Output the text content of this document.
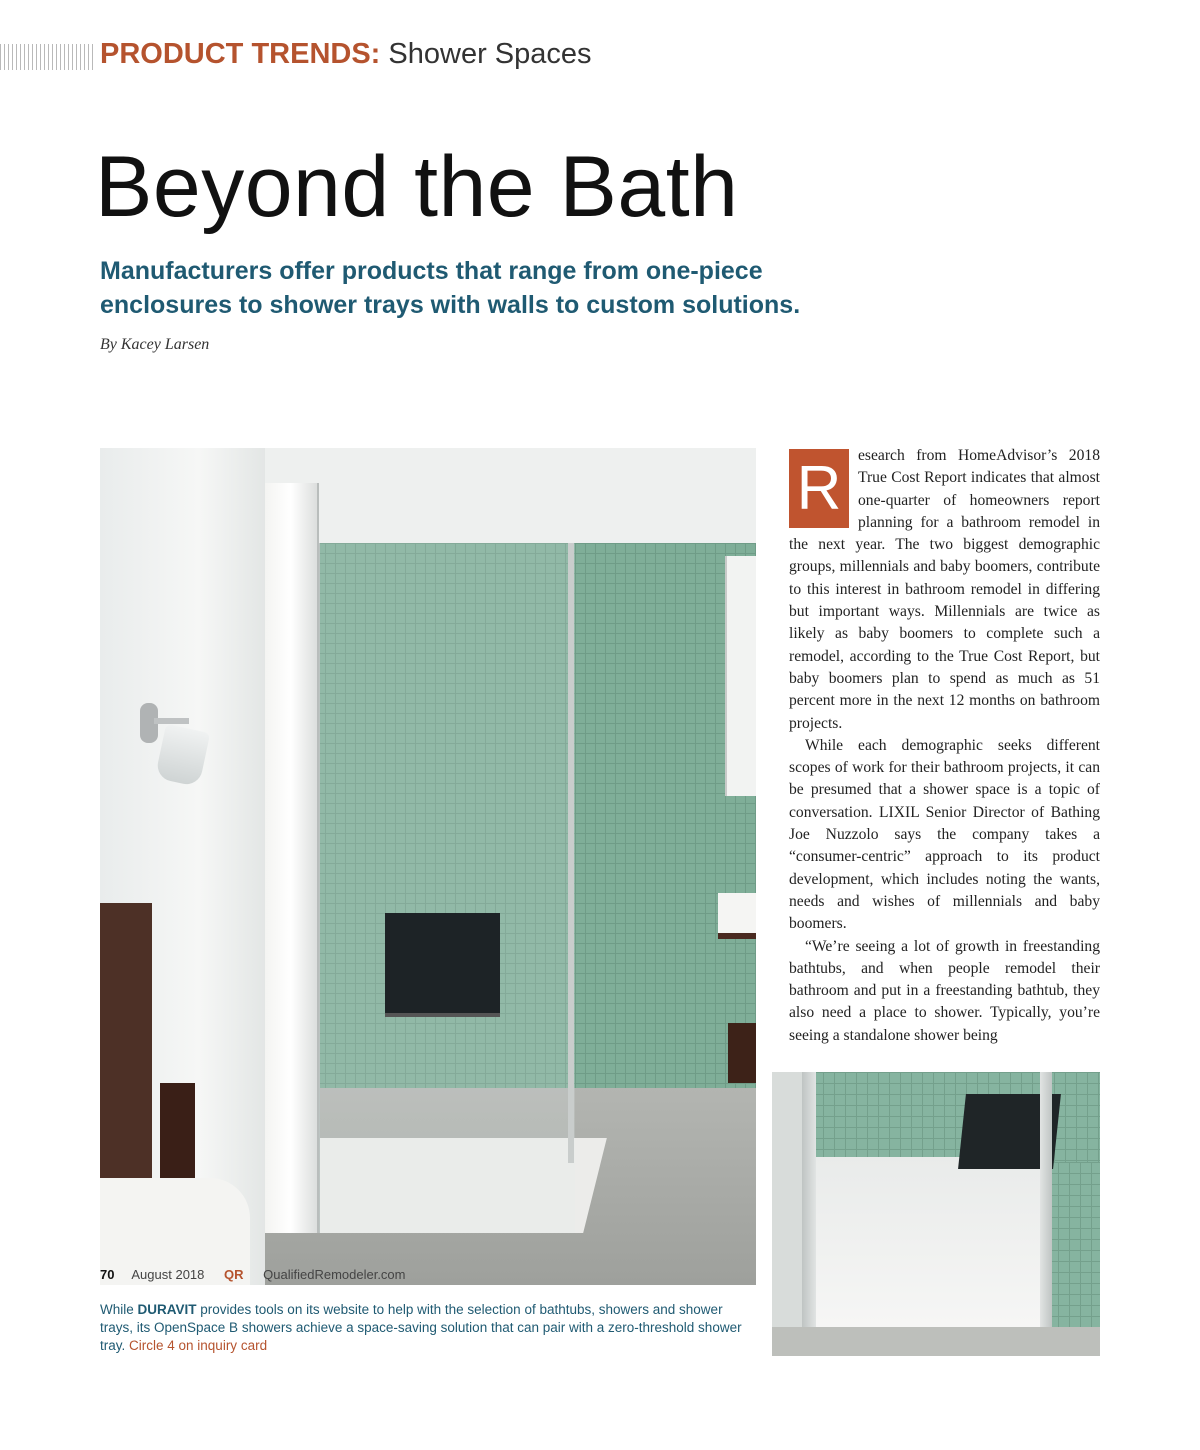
PRODUCT TRENDS: Shower Spaces
Beyond the Bath
Manufacturers offer products that range from one-piece
enclosures to shower trays with walls to custom solutions.
By Kacey Larsen
While DURAVIT provides tools on its website to help with the selection of bathtubs, showers and shower trays, its OpenSpace B showers achieve a space-saving solution that can pair with a zero-threshold shower tray. Circle 4 on inquiry card

R	esearch from HomeAdvisor’s 2018 True Cost Report indicates that almost one-quarter of homeowners report planning for a bathroom remodel in the next year. The two biggest demographic groups, millennials and baby boomers, contribute to this interest in bathroom remodel in differing but important ways. Millennials are twice as likely as baby boomers to complete such a remodel, according to the True Cost Report, but baby boomers plan to spend as much as 51 percent more in the next 12 months on bathroom projects.

While each demographic seeks different scopes of work for their bathroom projects, it can be presumed that a shower space is a topic of conversation. LIXIL Senior Director of Bathing Joe Nuzzolo says the company takes a “consumer-centric” approach to its product development, which includes noting the wants, needs and wishes of millennials and baby boomers.

“We’re seeing a lot of growth in freestanding bathtubs, and when people remodel their bathroom and put in a freestanding bathtub, they also need a place to shower. Typically, you’re seeing a standalone shower being

70 August 2018 QR QualifiedRemodeler.com
